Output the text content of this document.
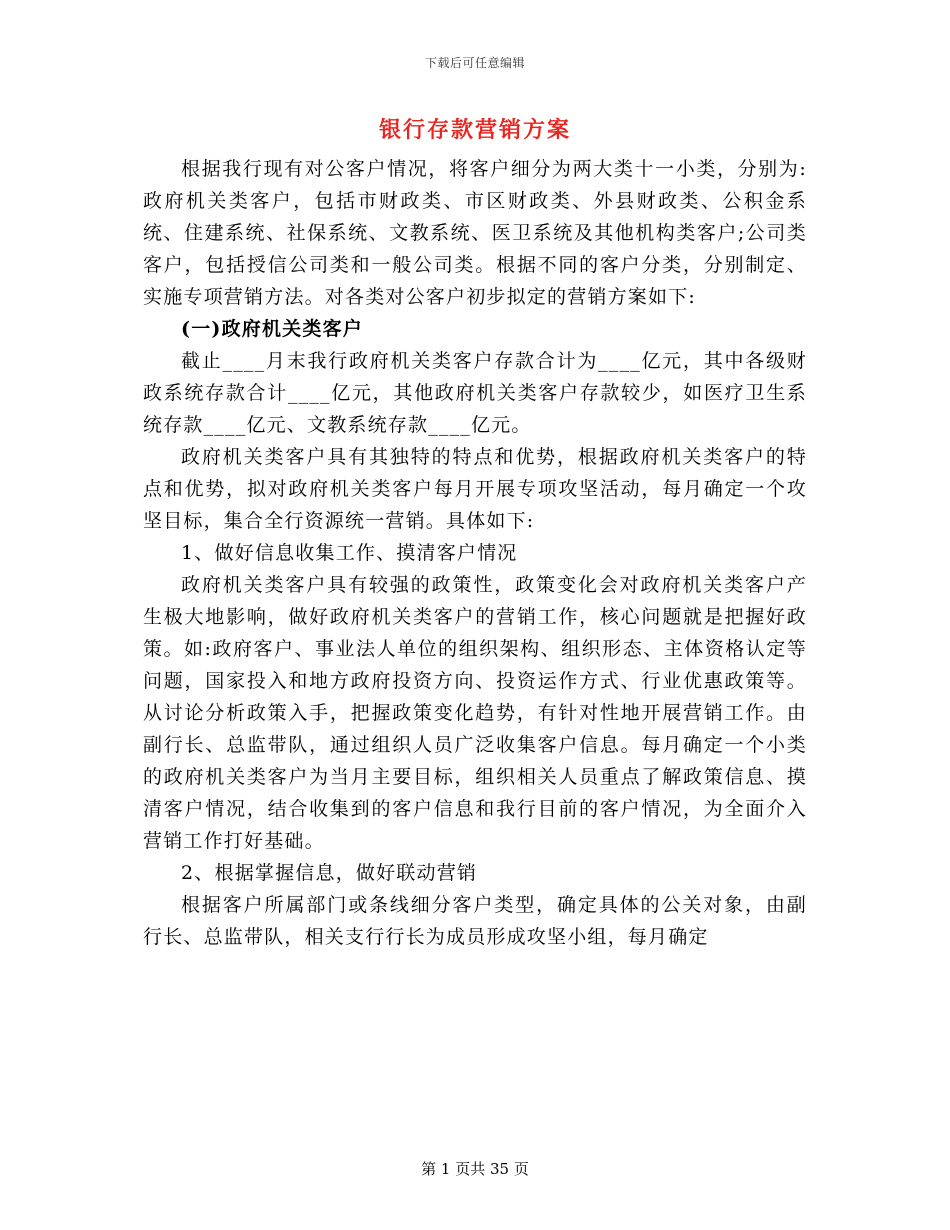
下载后可任意编辑
银行存款营销方案

根据我行现有对公客户情况，将客户细分为两大类十一小类，分别为:政府机关类客户，包括市财政类、市区财政类、外县财政类、公积金系统、住建系统、社保系统、文教系统、医卫系统及其他机构类客户;公司类客户，包括授信公司类和一般公司类。根据不同的客户分类，分别制定、实施专项营销方法。对各类对公客户初步拟定的营销方案如下:

(一)政府机关类客户

截止____月末我行政府机关类客户存款合计为____亿元，其中各级财政系统存款合计____亿元，其他政府机关类客户存款较少，如医疗卫生系统存款____亿元、文教系统存款____亿元。

政府机关类客户具有其独特的特点和优势，根据政府机关类客户的特点和优势，拟对政府机关类客户每月开展专项攻坚活动，每月确定一个攻坚目标，集合全行资源统一营销。具体如下:

1、做好信息收集工作、摸清客户情况

政府机关类客户具有较强的政策性，政策变化会对政府机关类客户产生极大地影响，做好政府机关类客户的营销工作，核心问题就是把握好政策。如:政府客户、事业法人单位的组织架构、组织形态、主体资格认定等问题，国家投入和地方政府投资方向、投资运作方式、行业优惠政策等。从讨论分析政策入手，把握政策变化趋势，有针对性地开展营销工作。由副行长、总监带队，通过组织人员广泛收集客户信息。每月确定一个小类的政府机关类客户为当月主要目标，组织相关人员重点了解政策信息、摸清客户情况，结合收集到的客户信息和我行目前的客户情况，为全面介入营销工作打好基础。

2、根据掌握信息，做好联动营销

根据客户所属部门或条线细分客户类型，确定具体的公关对象，由副行长、总监带队，相关支行行长为成员形成攻坚小组，每月确定

第 1 页共 35 页
